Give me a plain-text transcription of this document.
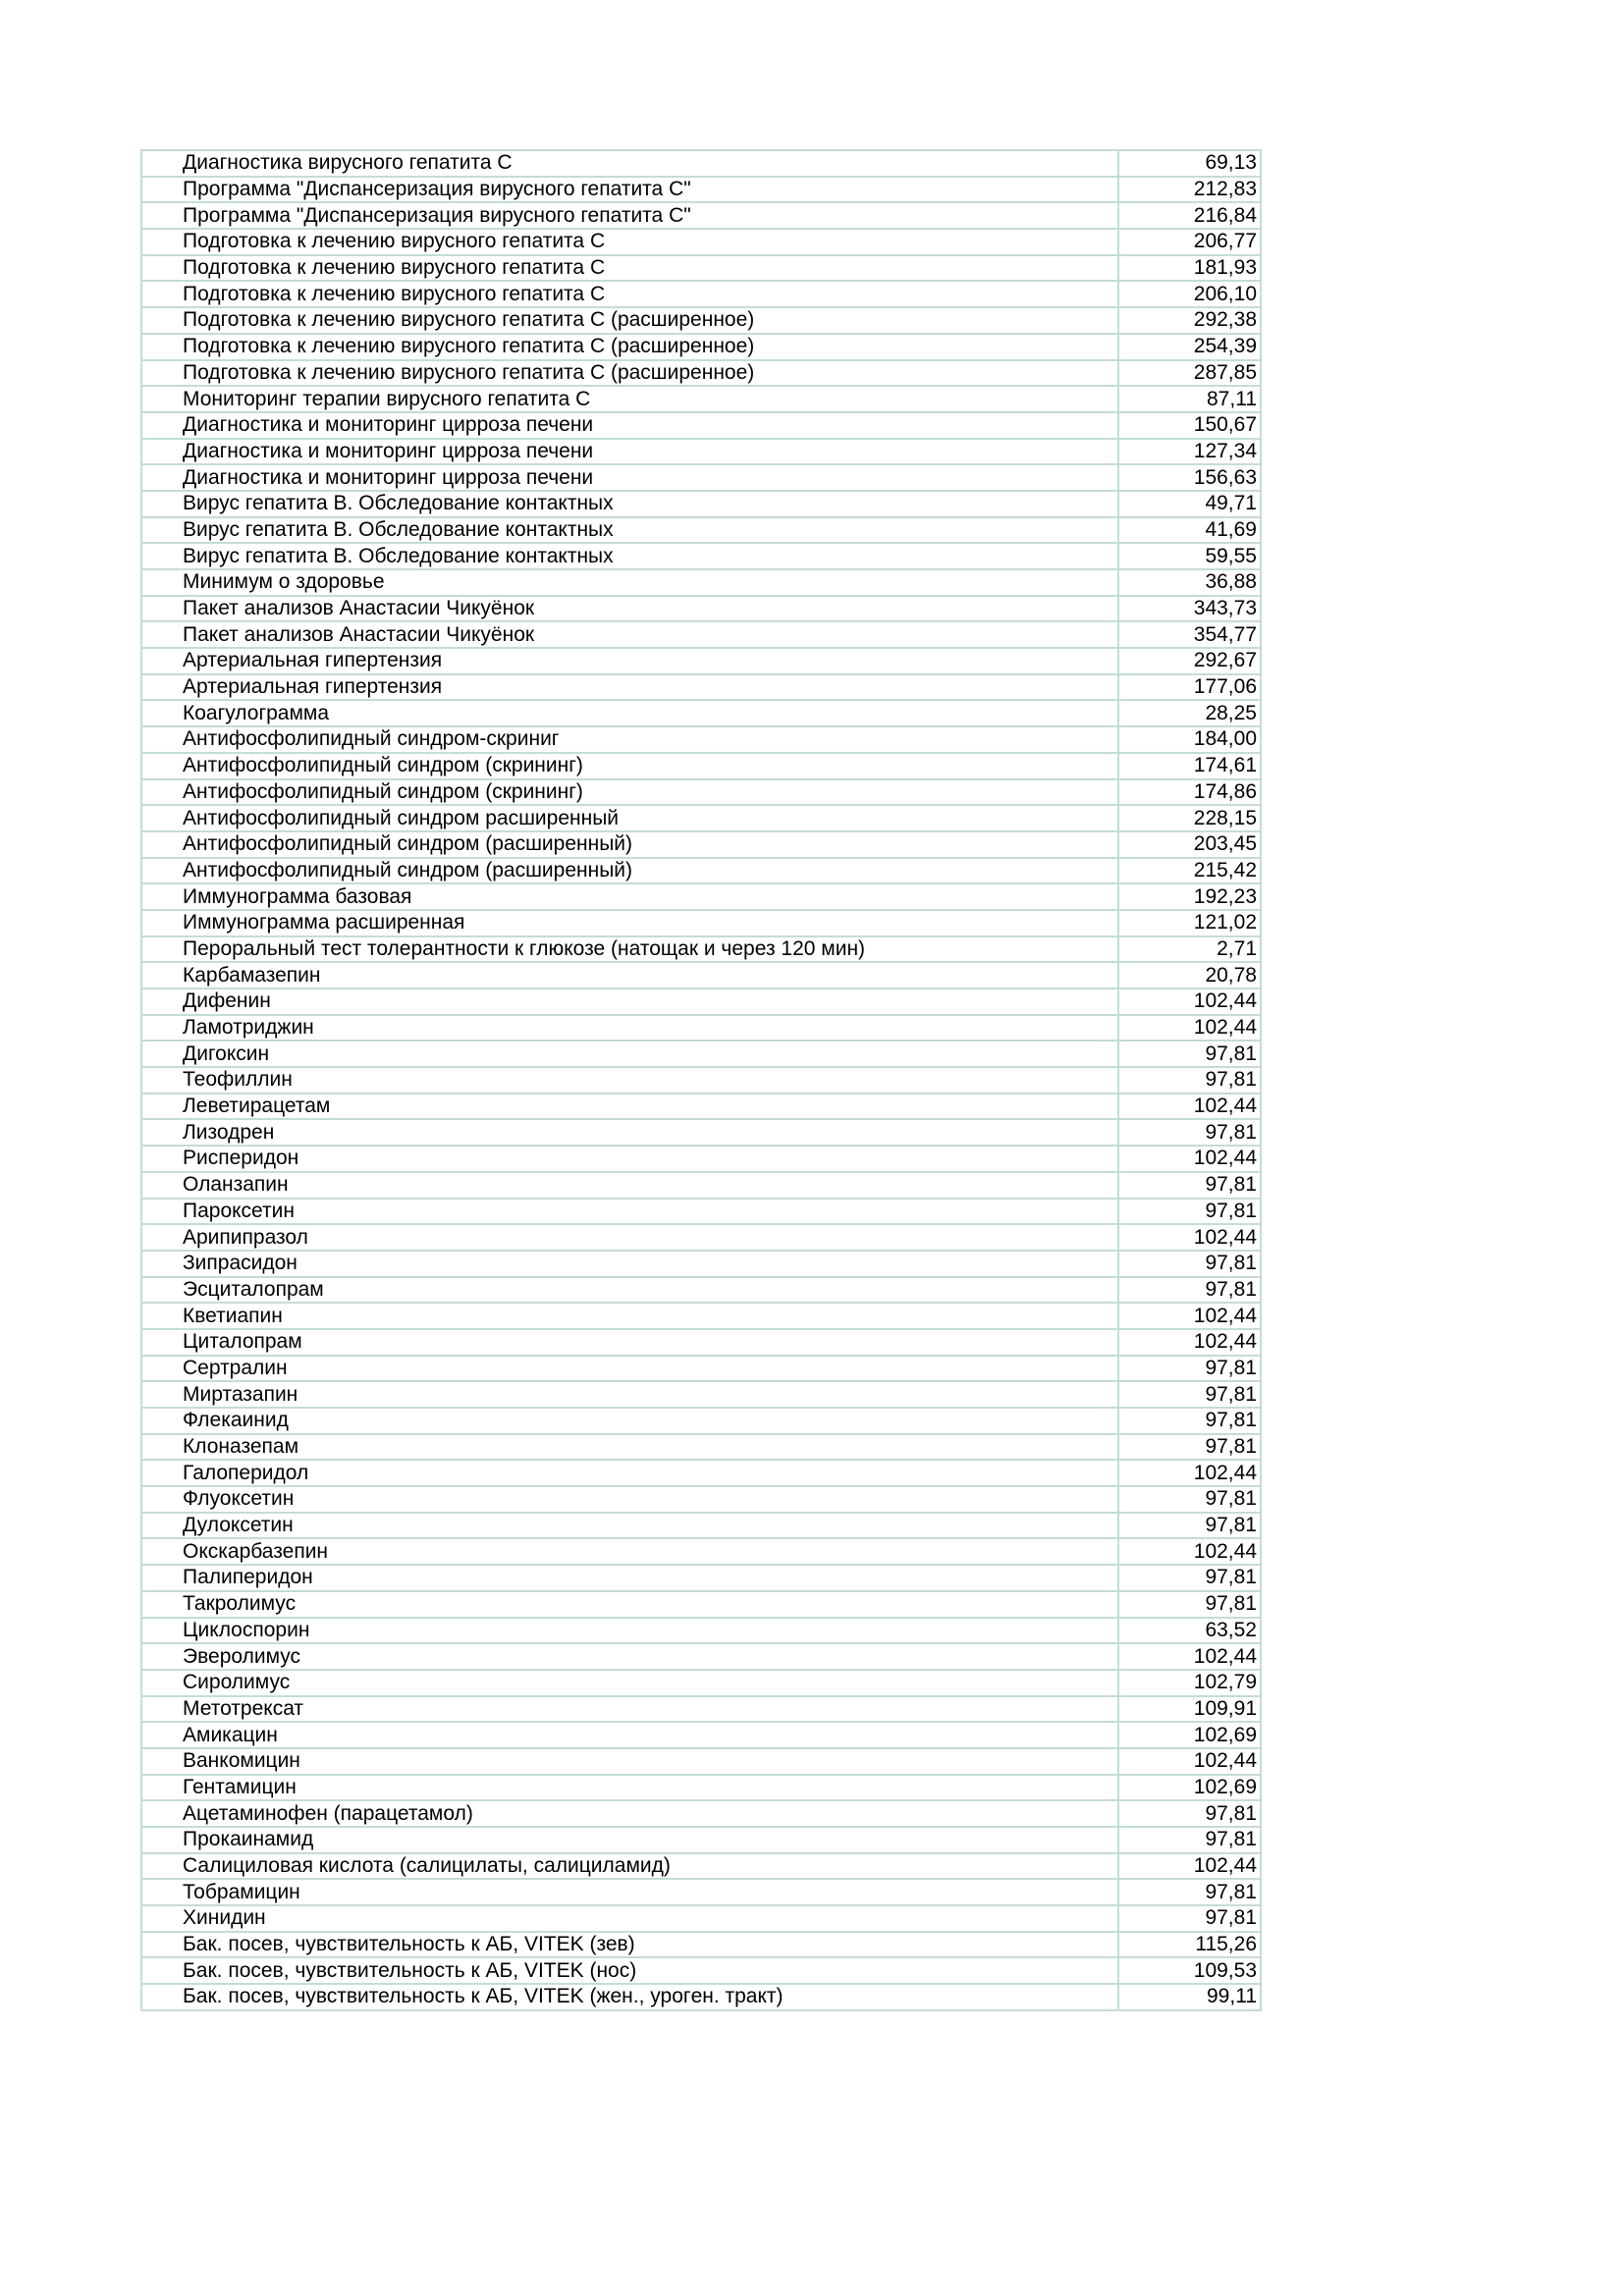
Диагностика вирусного гепатита С	69,13
Программа "Диспансеризация вирусного гепатита С"	212,83
Программа "Диспансеризация вирусного гепатита С"	216,84
Подготовка к лечению вирусного гепатита С	206,77
Подготовка к лечению вирусного гепатита С	181,93
Подготовка к лечению вирусного гепатита С	206,10
Подготовка к лечению вирусного гепатита С (расширенное)	292,38
Подготовка к лечению вирусного гепатита С (расширенное)	254,39
Подготовка к лечению вирусного гепатита С (расширенное)	287,85
Мониторинг терапии вирусного гепатита С	87,11
Диагностика и мониторинг цирроза печени	150,67
Диагностика и мониторинг цирроза печени	127,34
Диагностика и мониторинг цирроза печени	156,63
Вирус гепатита В. Обследование контактных	49,71
Вирус гепатита В. Обследование контактных	41,69
Вирус гепатита В. Обследование контактных	59,55
Минимум о здоровье	36,88
Пакет анализов Анастасии Чикуёнок	343,73
Пакет анализов Анастасии Чикуёнок	354,77
Артериальная гипертензия	292,67
Артериальная гипертензия	177,06
Коагулограмма	28,25
Антифосфолипидный синдром-скриниг	184,00
Антифосфолипидный синдром (скрининг)	174,61
Антифосфолипидный синдром (скрининг)	174,86
Антифосфолипидный синдром расширенный	228,15
Антифосфолипидный синдром (расширенный)	203,45
Антифосфолипидный синдром (расширенный)	215,42
Иммунограмма базовая	192,23
Иммунограмма расширенная	121,02
Пероральный тест толерантности к глюкозе (натощак и через 120 мин)	2,71
Карбамазепин	20,78
Дифенин	102,44
Ламотриджин	102,44
Дигоксин	97,81
Теофиллин	97,81
Леветирацетам	102,44
Лизодрен	97,81
Рисперидон	102,44
Оланзапин	97,81
Пароксетин	97,81
Арипипразол	102,44
Зипрасидон	97,81
Эсциталопрам	97,81
Кветиапин	102,44
Циталопрам	102,44
Сертралин	97,81
Миртазапин	97,81
Флекаинид	97,81
Клоназепам	97,81
Галоперидол	102,44
Флуоксетин	97,81
Дулоксетин	97,81
Окскарбазепин	102,44
Палиперидон	97,81
Такролимус	97,81
Циклоспорин	63,52
Эверолимус	102,44
Сиролимус	102,79
Метотрексат	109,91
Амикацин	102,69
Ванкомицин	102,44
Гентамицин	102,69
Ацетаминофен (парацетамол)	97,81
Прокаинамид	97,81
Салициловая кислота (салицилаты, салициламид)	102,44
Тобрамицин	97,81
Хинидин	97,81
Бак. посев, чувствительность к АБ, VITEK (зев)	115,26
Бак. посев, чувствительность к АБ, VITEK (нос)	109,53
Бак. посев, чувствительность к АБ, VITEK (жен., урогeн. тракт)	99,11
